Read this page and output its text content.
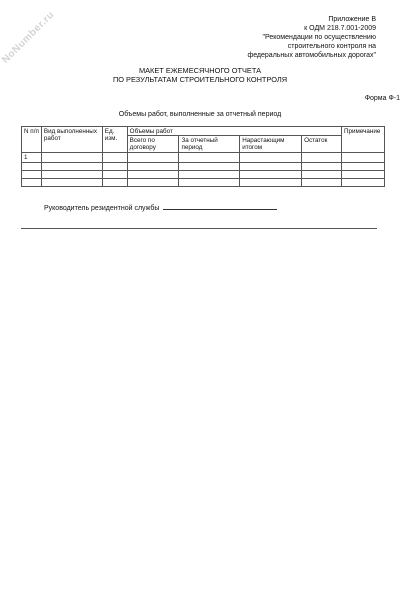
NoNumber.ru	Приложение В
к ОДМ 218.7.001-2009
"Рекомендации по осуществлению
строительного контроля на
федеральных автомобильных дорогах"
МАКЕТ ЕЖЕМЕСЯЧНОГО ОТЧЕТА
ПО РЕЗУЛЬТАТАМ СТРОИТЕЛЬНОГО КОНТРОЛЯ
Форма Ф-1
Объемы работ, выполненные за отчетный период
N п/п	Вид выполненных работ	Ед. изм.	Объемы работ				Примечание
			Всего по договору	За отчетный период	Нарастающим итогом	Остаток	
1							

Руководитель резидентной службы
